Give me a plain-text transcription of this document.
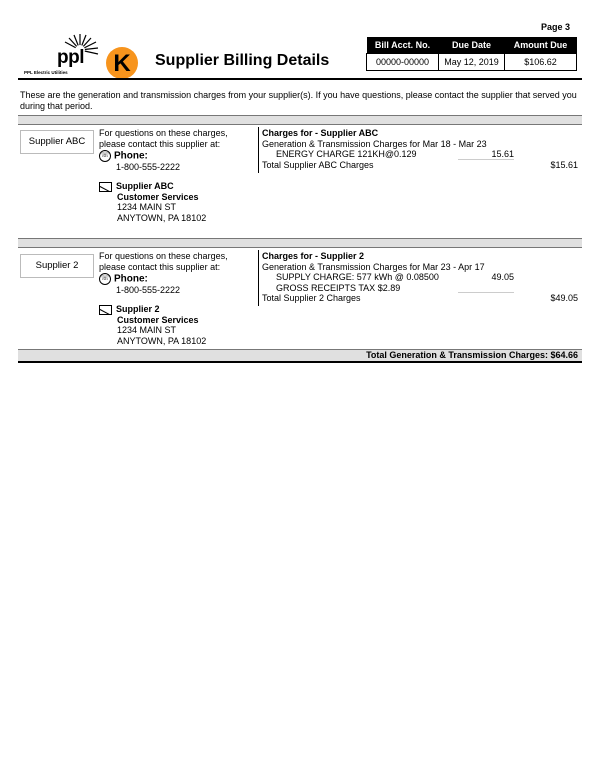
Page 3
ppl
PPL Electric Utilities	K	Supplier Billing Details
Bill Acct. No.	Due Date	Amount Due
00000-00000	May 12, 2019	$106.62
These are the generation and transmission charges from your supplier(s). If you have questions, please contact the supplier that served you during that period.
Supplier ABC
For questions on these charges, please contact this supplier at:
☏ Phone:
1-800-555-2222
Supplier ABC
Customer Services
1234 MAIN ST
ANYTOWN, PA 18102
Charges for - Supplier ABC
Generation & Transmission Charges for Mar 18 - Mar 23
ENERGY CHARGE 121KH@0.129	15.61
Total Supplier ABC Charges	$15.61
Supplier 2
For questions on these charges, please contact this supplier at:
☏ Phone:
1-800-555-2222
Supplier 2
Customer Services
1234 MAIN ST
ANYTOWN, PA 18102
Charges for - Supplier 2
Generation & Transmission Charges for Mar 23 - Apr 17
SUPPLY CHARGE: 577 kWh @ 0.08500	49.05
GROSS RECEIPTS TAX $2.89
Total Supplier 2 Charges	$49.05
Total Generation & Transmission Charges: $64.66
